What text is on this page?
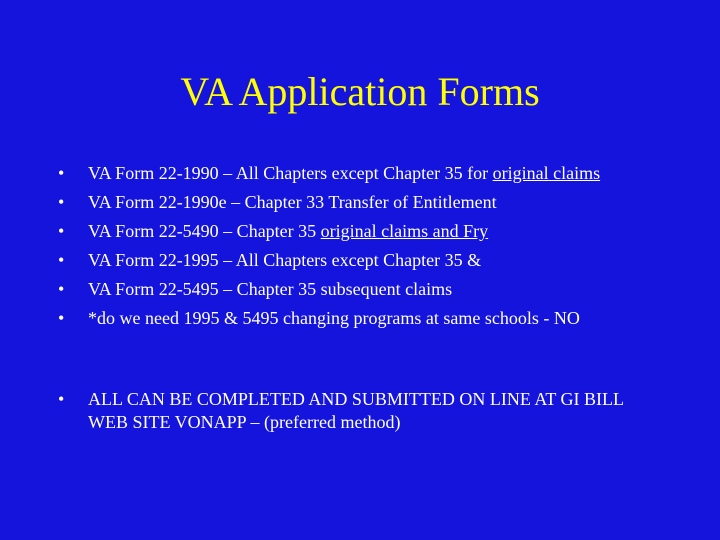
VA Application Forms
•	VA Form 22-1990 – All Chapters except Chapter 35 for original claims
•	VA Form 22-1990e – Chapter 33 Transfer of Entitlement
•	VA Form 22-5490 – Chapter 35 original claims and Fry
•	VA Form 22-1995 – All Chapters except Chapter 35 &
•	VA Form 22-5495 – Chapter 35 subsequent claims
•	*do we need 1995 & 5495 changing programs at same schools - NO
•	ALL CAN BE COMPLETED AND SUBMITTED ON LINE AT GI BILL WEB SITE VONAPP – (preferred method)
